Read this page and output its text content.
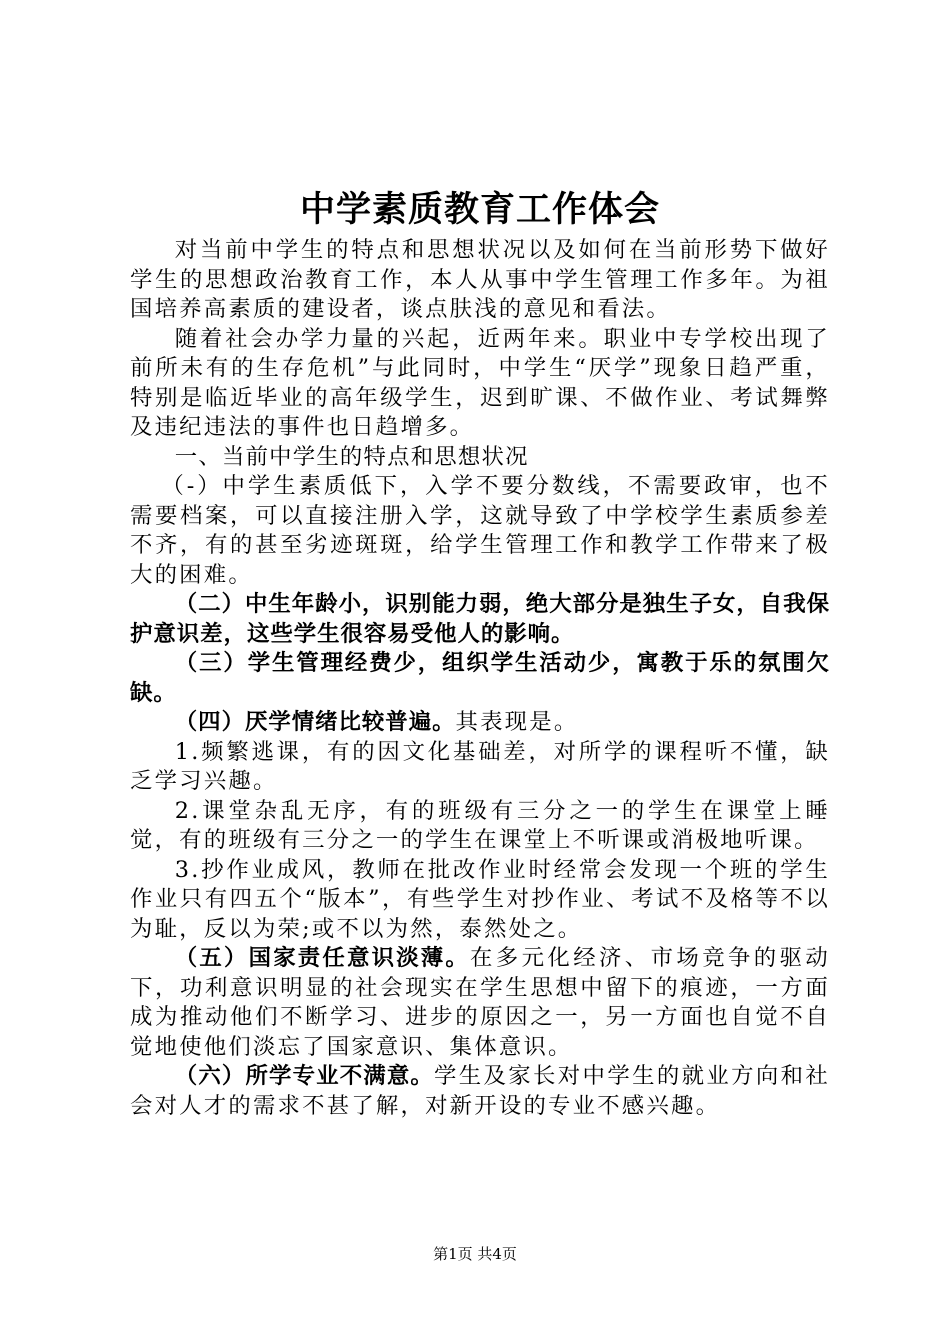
中学素质教育工作体会

对当前中学生的特点和思想状况以及如何在当前形势下做好学生的思想政治教育工作，本人从事中学生管理工作多年。为祖国培养高素质的建设者，谈点肤浅的意见和看法。

随着社会办学力量的兴起，近两年来。职业中专学校出现了前所未有的生存危机”与此同时，中学生“厌学”现象日趋严重，特别是临近毕业的高年级学生，迟到旷课、不做作业、考试舞弊及违纪违法的事件也日趋增多。

一、当前中学生的特点和思想状况

（-）中学生素质低下，入学不要分数线，不需要政审，也不需要档案，可以直接注册入学，这就导致了中学校学生素质参差不齐，有的甚至劣迹斑斑，给学生管理工作和教学工作带来了极大的困难。

（二）中生年龄小，识别能力弱，绝大部分是独生子女，自我保护意识差，这些学生很容易受他人的影响。

（三）学生管理经费少，组织学生活动少，寓教于乐的氛围欠缺。

（四）厌学情绪比较普遍。其表现是。

1.频繁逃课，有的因文化基础差，对所学的课程听不懂，缺乏学习兴趣。

2.课堂杂乱无序，有的班级有三分之一的学生在课堂上睡觉，有的班级有三分之一的学生在课堂上不听课或消极地听课。

3.抄作业成风，教师在批改作业时经常会发现一个班的学生作业只有四五个“版本”，有些学生对抄作业、考试不及格等不以为耻，反以为荣;或不以为然，泰然处之。

（五）国家责任意识淡薄。在多元化经济、市场竞争的驱动下，功利意识明显的社会现实在学生思想中留下的痕迹，一方面成为推动他们不断学习、进步的原因之一，另一方面也自觉不自觉地使他们淡忘了国家意识、集体意识。

（六）所学专业不满意。学生及家长对中学生的就业方向和社会对人才的需求不甚了解，对新开设的专业不感兴趣。

第1页 共4页
